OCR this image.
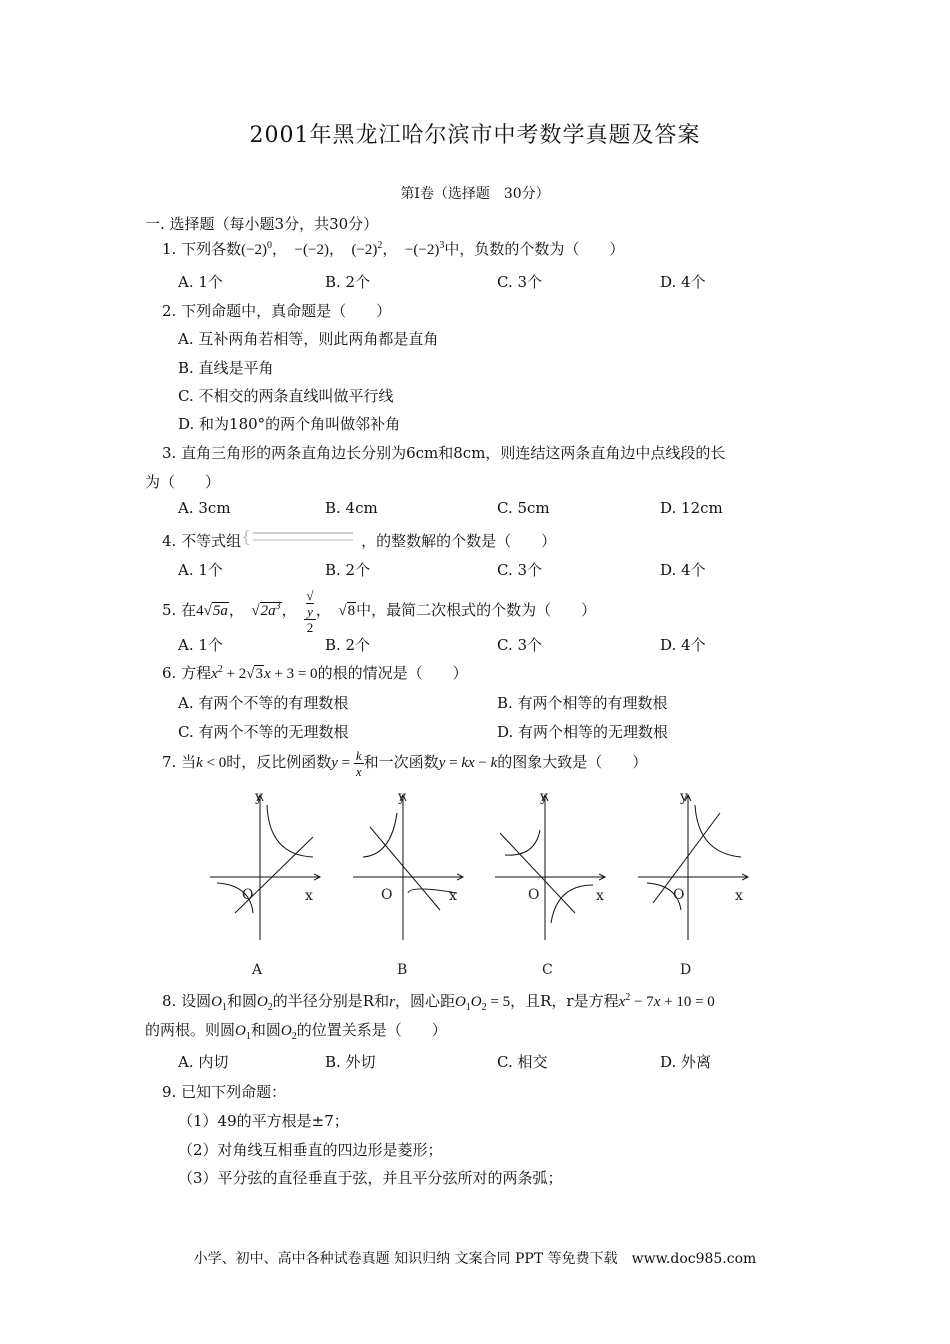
2001年黑龙江哈尔滨市中考数学真题及答案
第Ⅰ卷（选择题　30分）
一. 选择题（每小题3分，共30分）
1. 下列各数$(-2)^0$，　−(−2)，　$(-2)^2$，　$-(-2)^3$中，负数的个数为（　　）
A. 1个	B. 2个	C. 3个	D. 4个
2. 下列命题中，真命题是（　　）
A. 互补两角若相等，则此两角都是直角
B. 直线是平角
C. 不相交的两条直线叫做平行线
D. 和为180°的两个角叫做邻补角
3. 直角三角形的两条直角边长分别为6cm和8cm，则连结这两条直角边中点线段的长
为（　　）
A. 3cm	B. 4cm	C. 5cm	D. 12cm
4. 不等式组 {	，的整数解的个数是（　　）
A. 1个	B. 2个	C. 3个	D. 4个
5. 在4√5a，　$√2a^3$，　 √
y
2 ，　√8中，最简二次根式的个数为（　　）
A. 1个	B. 2个	C. 3个	D. 4个
6. 方程$x^2 + 2√3x + 3 = 0$的根的情况是（　　）
A. 有两个不等的有理数根	B. 有两个相等的有理数根
C. 有两个不等的无理数根	D. 有两个相等的无理数根
7. 当k < 0时，反比例函数$y = \frac{k}{x}$ 和一次函数y = kx − k的图象大致是（　　）
y
x
O
A
y
x
O
B
y
x
O
C
y
x
O
D
8. 设圆$O_1$和圆$O_2$的半径分别是R和r，圆心距$O_1O_2 = 5$，且R，r是方程$x^2 - 7x + 10 = 0$
的两根。则圆$O_1$和圆$O_2$的位置关系是（　　）
A. 内切	B. 外切	C. 相交	D. 外离
9. 已知下列命题：
（1）49的平方根是±7；
（2）对角线互相垂直的四边形是菱形；
（3）平分弦的直径垂直于弦，并且平分弦所对的两条弧；
小学、初中、高中各种试卷真题 知识归纳 文案合同 PPT 等免费下载　www.doc985.com
